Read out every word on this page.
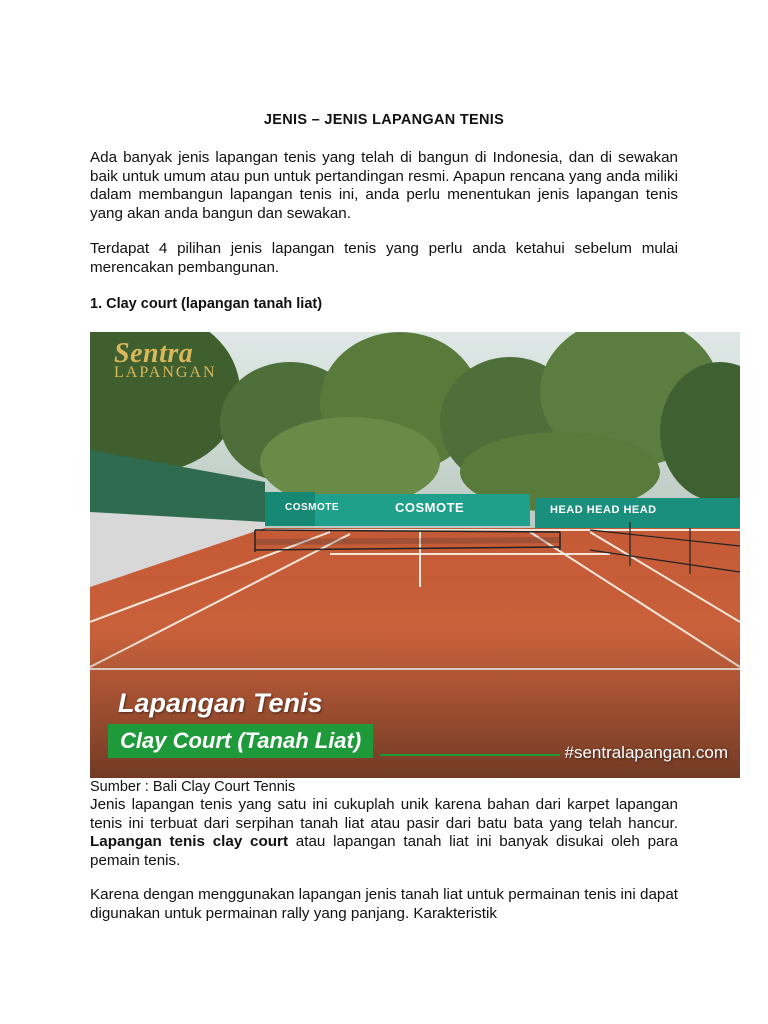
JENIS – JENIS LAPANGAN TENIS
Ada banyak jenis lapangan tenis yang telah di bangun di Indonesia, dan di sewakan baik untuk umum atau pun untuk pertandingan resmi. Apapun rencana yang anda miliki dalam membangun lapangan tenis ini, anda perlu menentukan jenis lapangan tenis yang akan anda bangun dan sewakan.
Terdapat 4 pilihan jenis lapangan tenis yang perlu anda ketahui sebelum mulai merencakan pembangunan.
1. Clay court (lapangan tanah liat)
COSMOTE	COSMOTE	HEAD HEAD HEAD
Sentra
LAPANGAN
Lapangan Tenis
Clay Court (Tanah Liat)	#sentralapangan.com
Sumber : Bali Clay Court Tennis
Jenis lapangan tenis yang satu ini cukuplah unik karena bahan dari karpet lapangan tenis ini terbuat dari serpihan tanah liat atau pasir dari batu bata yang telah hancur. Lapangan tenis clay court atau lapangan tanah liat ini banyak disukai oleh para pemain tenis.
Karena dengan menggunakan lapangan jenis tanah liat untuk permainan tenis ini dapat digunakan untuk permainan rally yang panjang. Karakteristik
